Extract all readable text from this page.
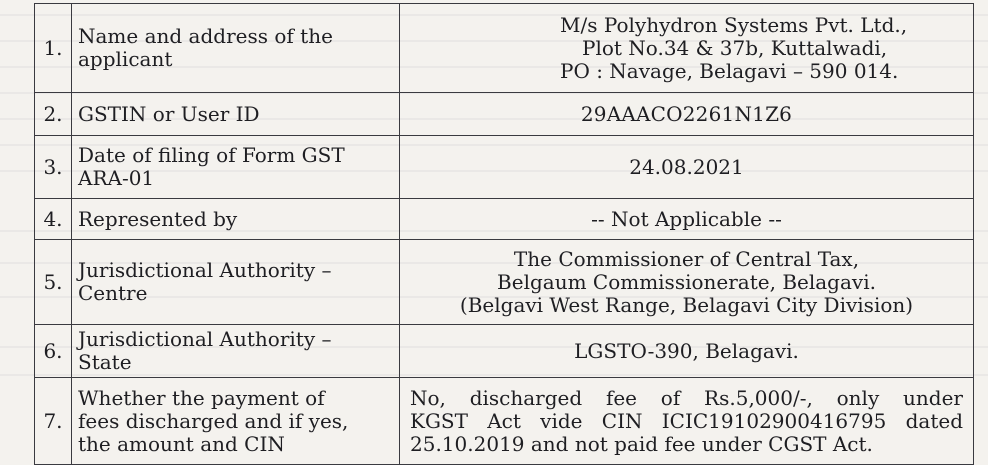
1.	Name and address of the
applicant	M/s Polyhydron Systems Pvt. Ltd.,
Plot No.34 & 37b, Kuttalwadi,
PO : Navage, Belagavi – 590 014.

2.	GSTIN or User ID	29AAACO2261N1Z6

3.	Date of filing of Form GST
ARA-01	24.08.2021

4.	Represented by	-- Not Applicable --

5.	Jurisdictional Authority –
Centre	The Commissioner of Central Tax,
Belgaum Commissionerate, Belagavi.
(Belgavi West Range, Belagavi City Division)

6.	Jurisdictional Authority –
State	LGSTO-390, Belagavi.

7.	Whether the payment of
fees discharged and if yes,
the amount and CIN	No, discharged fee of Rs.5,000/-, only under
KGST Act vide CIN ICIC19102900416795 dated
25.10.2019 and not paid fee under CGST Act.
